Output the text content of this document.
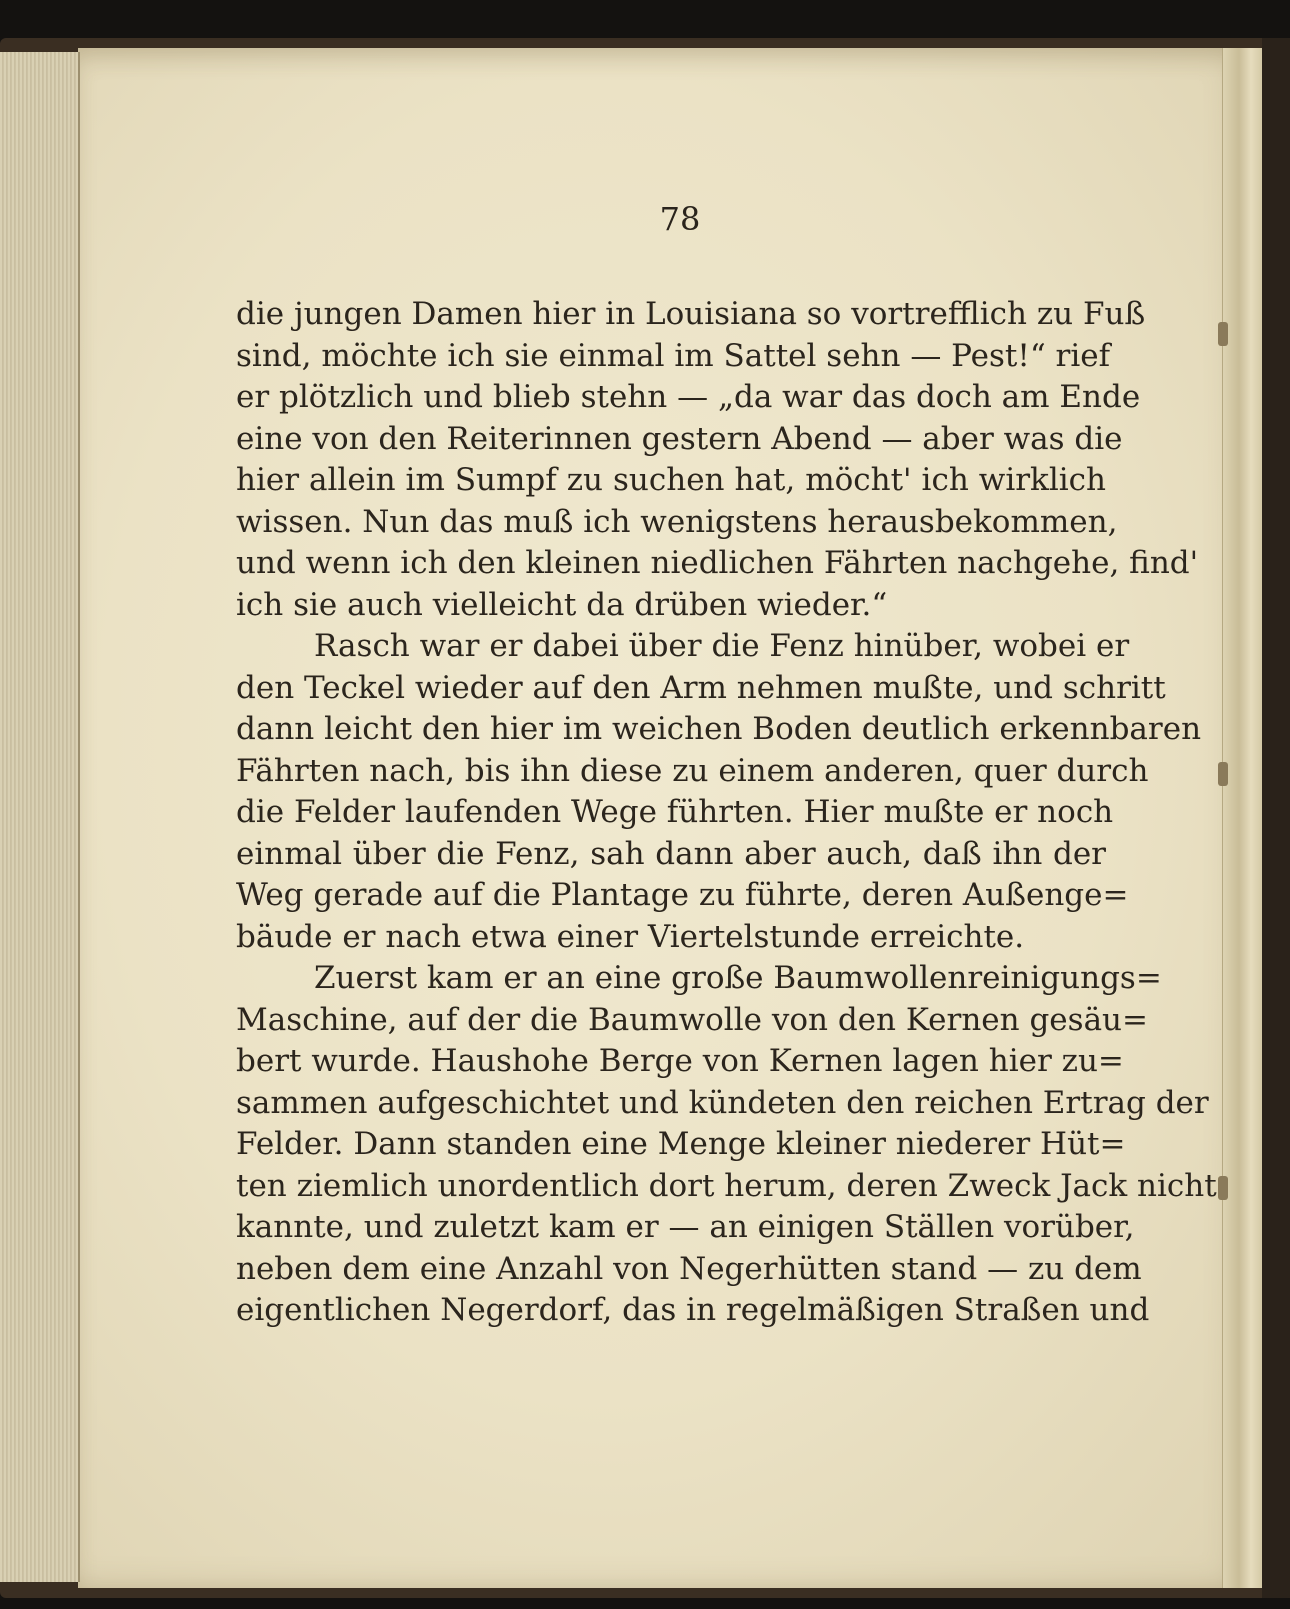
78
die jungen Damen hier in Louisiana so vortrefflich zu Fuß
sind, möchte ich sie einmal im Sattel sehn — Pest!“ rief
er plötzlich und blieb stehn — „da war das doch am Ende
eine von den Reiterinnen gestern Abend — aber was die
hier allein im Sumpf zu suchen hat, möcht' ich wirklich
wissen. Nun das muß ich wenigstens herausbekommen,
und wenn ich den kleinen niedlichen Fährten nachgehe, find'
ich sie auch vielleicht da drüben wieder.“
Rasch war er dabei über die Fenz hinüber, wobei er
den Teckel wieder auf den Arm nehmen mußte, und schritt
dann leicht den hier im weichen Boden deutlich erkennbaren
Fährten nach, bis ihn diese zu einem anderen, quer durch
die Felder laufenden Wege führten. Hier mußte er noch
einmal über die Fenz, sah dann aber auch, daß ihn der
Weg gerade auf die Plantage zu führte, deren Außenge=
bäude er nach etwa einer Viertelstunde erreichte.
Zuerst kam er an eine große Baumwollenreinigungs=
Maschine, auf der die Baumwolle von den Kernen gesäu=
bert wurde. Haushohe Berge von Kernen lagen hier zu=
sammen aufgeschichtet und kündeten den reichen Ertrag der
Felder. Dann standen eine Menge kleiner niederer Hüt=
ten ziemlich unordentlich dort herum, deren Zweck Jack nicht
kannte, und zuletzt kam er — an einigen Ställen vorüber,
neben dem eine Anzahl von Negerhütten stand — zu dem
eigentlichen Negerdorf, das in regelmäßigen Straßen und
